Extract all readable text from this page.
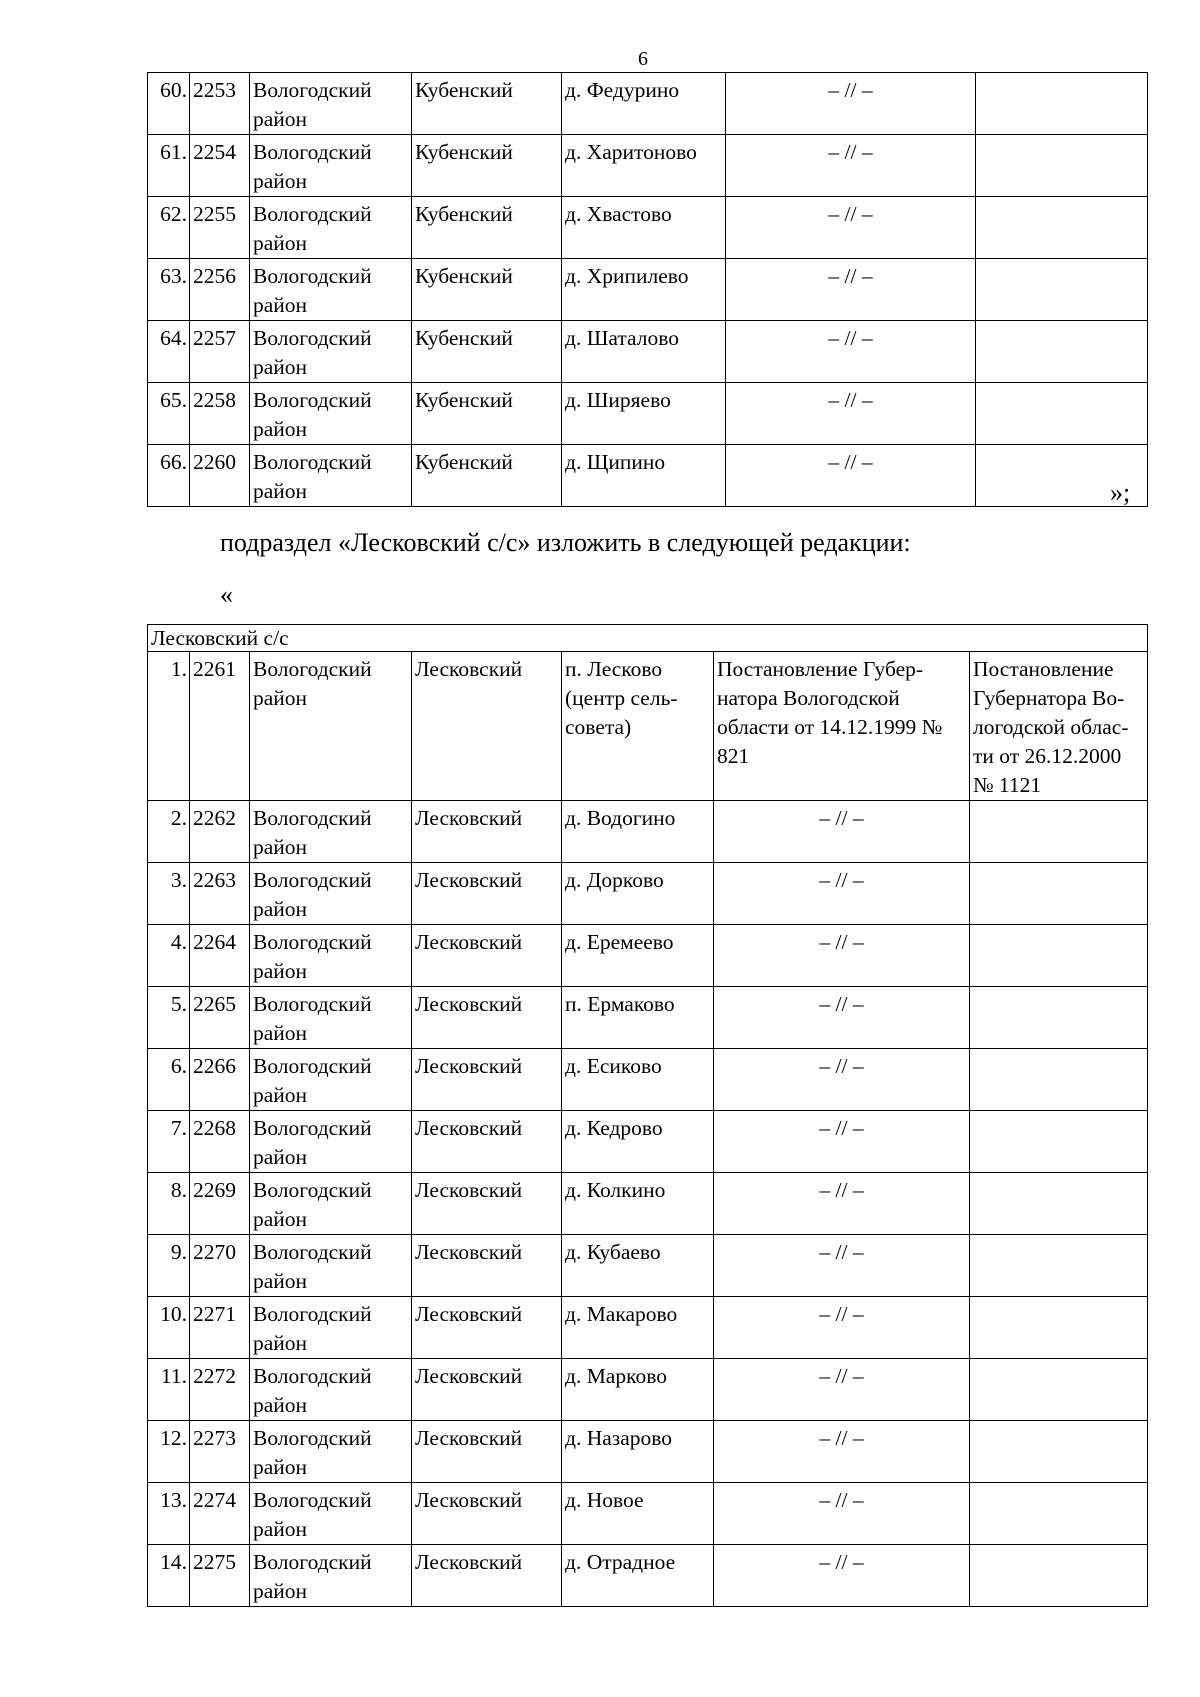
6
60.	2253	Вологодский район	Кубенский	д. Федурино	– // –	
61.	2254	Вологодский район	Кубенский	д. Харитоново	– // –	
62.	2255	Вологодский район	Кубенский	д. Хвастово	– // –	
63.	2256	Вологодский район	Кубенский	д. Хрипилево	– // –	
64.	2257	Вологодский район	Кубенский	д. Шаталово	– // –	
65.	2258	Вологодский район	Кубенский	д. Ширяево	– // –	
66.	2260	Вологодский район	Кубенский	д. Щипино	– // –	
»;
подраздел «Лесковский с/с» изложить в следующей редакции:
«
Лесковский с/с						
1.	2261	Вологодский район	Лесковский	п. Лесково (центр сель-совета)	Постановление Губер-натора Вологодской области от 14.12.1999 № 821	Постановление Губернатора Во-логодской облас-ти от 26.12.2000 № 1121
2.	2262	Вологодский район	Лесковский	д. Водогино	– // –	
3.	2263	Вологодский район	Лесковский	д. Дорково	– // –	
4.	2264	Вологодский район	Лесковский	д. Еремеево	– // –	
5.	2265	Вологодский район	Лесковский	п. Ермаково	– // –	
6.	2266	Вологодский район	Лесковский	д. Есиково	– // –	
7.	2268	Вологодский район	Лесковский	д. Кедрово	– // –	
8.	2269	Вологодский район	Лесковский	д. Колкино	– // –	
9.	2270	Вологодский район	Лесковский	д. Кубаево	– // –	
10.	2271	Вологодский район	Лесковский	д. Макарово	– // –	
11.	2272	Вологодский район	Лесковский	д. Марково	– // –	
12.	2273	Вологодский район	Лесковский	д. Назарово	– // –	
13.	2274	Вологодский район	Лесковский	д. Новое	– // –	
14.	2275	Вологодский район	Лесковский	д. Отрадное	– // –	
